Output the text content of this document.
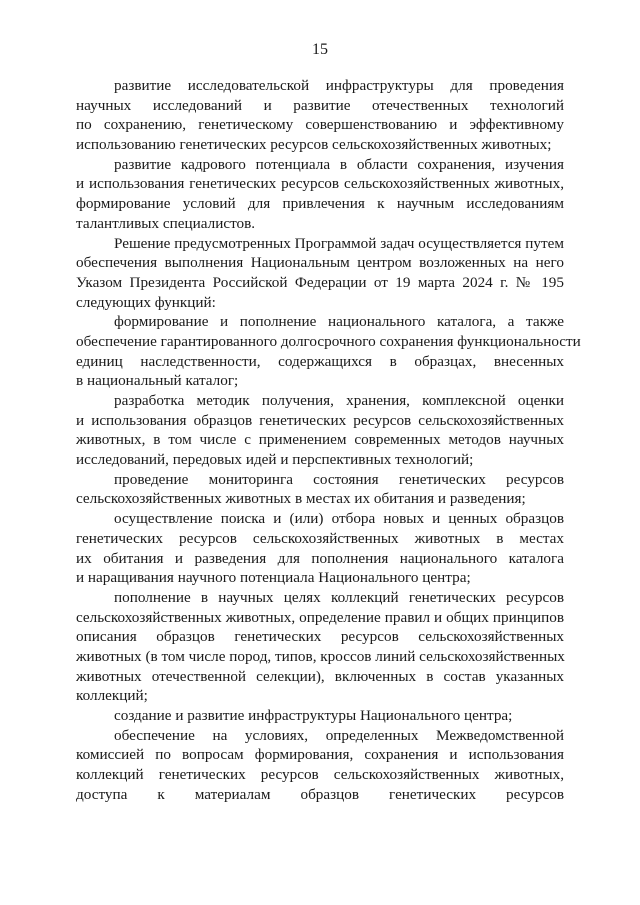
15
развитие исследовательской инфраструктуры для проведения
научных исследований и развитие отечественных технологий
по сохранению, генетическому совершенствованию и эффективному
использованию генетических ресурсов сельскохозяйственных животных;
развитие кадрового потенциала в области сохранения, изучения
и использования генетических ресурсов сельскохозяйственных животных,
формирование условий для привлечения к научным исследованиям
талантливых специалистов.
Решение предусмотренных Программой задач осуществляется путем
обеспечения выполнения Национальным центром возложенных на него
Указом Президента Российской Федерации от 19 марта 2024 г. № 195
следующих функций:
формирование и пополнение национального каталога, а также
обеспечение гарантированного долгосрочного сохранения функциональности
единиц наследственности, содержащихся в образцах, внесенных
в национальный каталог;
разработка методик получения, хранения, комплексной оценки
и использования образцов генетических ресурсов сельскохозяйственных
животных, в том числе с применением современных методов научных
исследований, передовых идей и перспективных технологий;
проведение мониторинга состояния генетических ресурсов
сельскохозяйственных животных в местах их обитания и разведения;
осуществление поиска и (или) отбора новых и ценных образцов
генетических ресурсов сельскохозяйственных животных в местах
их обитания и разведения для пополнения национального каталога
и наращивания научного потенциала Национального центра;
пополнение в научных целях коллекций генетических ресурсов
сельскохозяйственных животных, определение правил и общих принципов
описания образцов генетических ресурсов сельскохозяйственных
животных (в том числе пород, типов, кроссов линий сельскохозяйственных
животных отечественной селекции), включенных в состав указанных
коллекций;
создание и развитие инфраструктуры Национального центра;
обеспечение на условиях, определенных Межведомственной
комиссией по вопросам формирования, сохранения и использования
коллекций генетических ресурсов сельскохозяйственных животных,
доступа к материалам образцов генетических ресурсов
